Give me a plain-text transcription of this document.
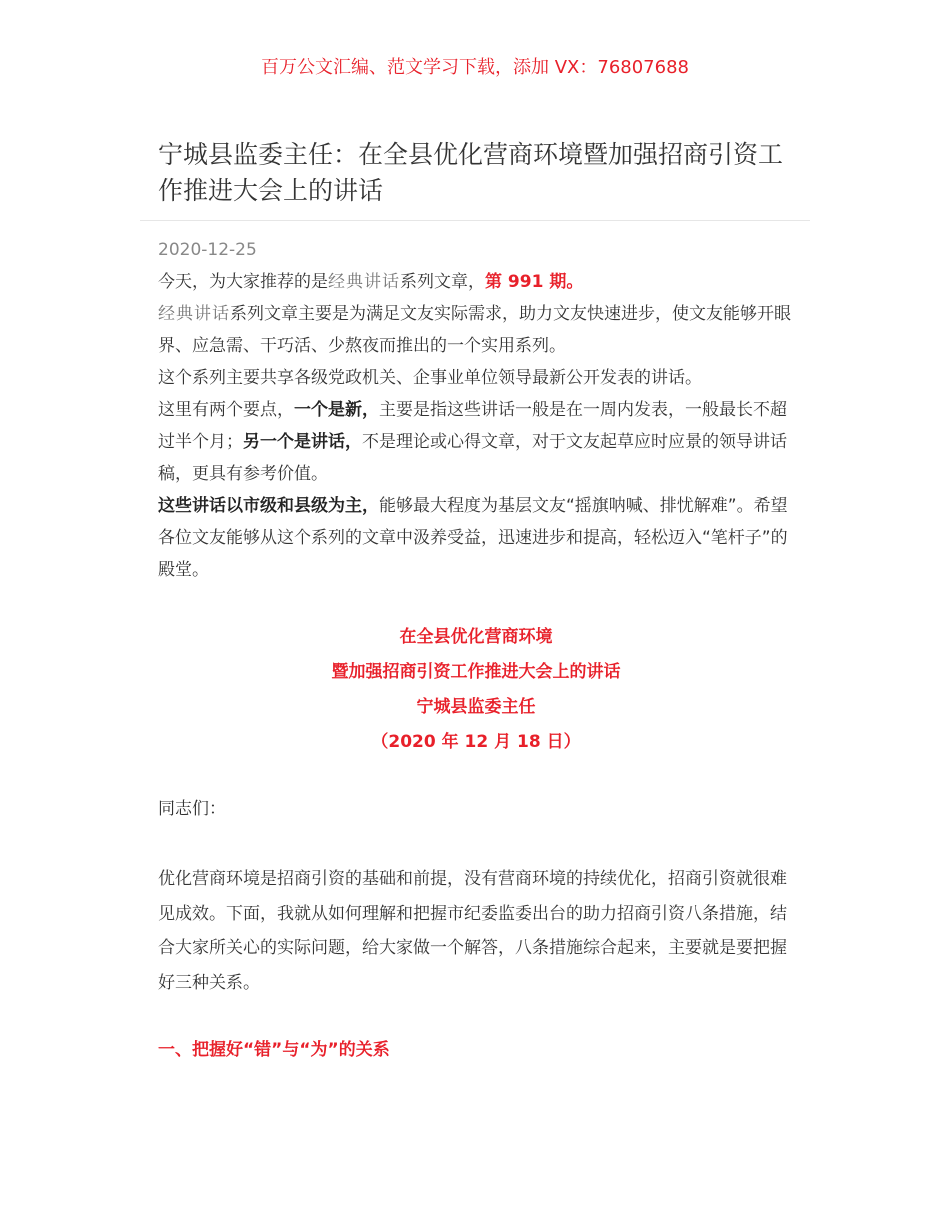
百万公文汇编、范文学习下载，添加 VX：76807688
宁城县监委主任：在全县优化营商环境暨加强招商引资工作推进大会上的讲话
2020-12-25

今天，为大家推荐的是经典讲话系列文章，第 991 期。

经典讲话系列文章主要是为满足文友实际需求，助力文友快速进步，使文友能够开眼界、应急需、干巧活、少熬夜而推出的一个实用系列。

这个系列主要共享各级党政机关、企事业单位领导最新公开发表的讲话。

这里有两个要点，一个是新，主要是指这些讲话一般是在一周内发表，一般最长不超过半个月；另一个是讲话，不是理论或心得文章，对于文友起草应时应景的领导讲话稿，更具有参考价值。

这些讲话以市级和县级为主，能够最大程度为基层文友“摇旗呐喊、排忧解难”。希望各位文友能够从这个系列的文章中汲养受益，迅速进步和提高，轻松迈入“笔杆子”的殿堂。

在全县优化营商环境
暨加强招商引资工作推进大会上的讲话
宁城县监委主任
（2020 年 12 月 18 日）
同志们：

优化营商环境是招商引资的基础和前提，没有营商环境的持续优化，招商引资就很难见成效。下面，我就从如何理解和把握市纪委监委出台的助力招商引资八条措施，结合大家所关心的实际问题，给大家做一个解答，八条措施综合起来，主要就是要把握好三种关系。

一、把握好“错”与“为”的关系
